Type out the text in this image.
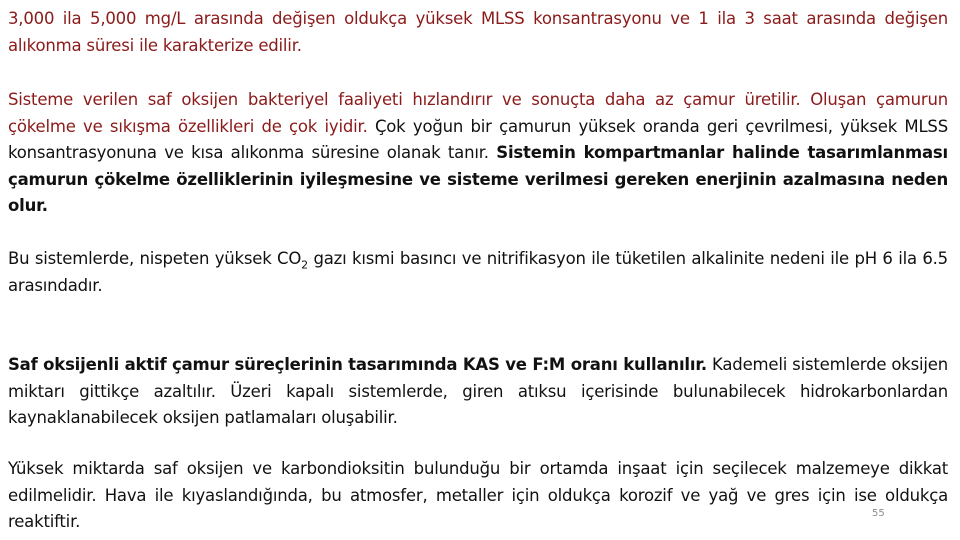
3,000 ila 5,000 mg/L arasında değişen oldukça yüksek MLSS konsantrasyonu ve 1 ila 3 saat arasında değişen alıkonma süresi ile karakterize edilir.

Sisteme verilen saf oksijen bakteriyel faaliyeti hızlandırır ve sonuçta daha az çamur üretilir. Oluşan çamurun çökelme ve sıkışma özellikleri de çok iyidir. Çok yoğun bir çamurun yüksek oranda geri çevrilmesi, yüksek MLSS konsantrasyonuna ve kısa alıkonma süresine olanak tanır. Sistemin kompartmanlar halinde tasarımlanması çamurun çökelme özelliklerinin iyileşmesine ve sisteme verilmesi gereken enerjinin azalmasına neden olur.

Bu sistemlerde, nispeten yüksek $CO_2$ gazı kısmi basıncı ve nitrifikasyon ile tüketilen alkalinite nedeni ile pH 6 ila 6.5 arasındadır.

Saf oksijenli aktif çamur süreçlerinin tasarımında KAS ve F:M oranı kullanılır. Kademeli sistemlerde oksijen miktarı gittikçe azaltılır. Üzeri kapalı sistemlerde, giren atıksu içerisinde bulunabilecek hidrokarbonlardan kaynaklanabilecek oksijen patlamaları oluşabilir.

Yüksek miktarda saf oksijen ve karbondioksitin bulunduğu bir ortamda inşaat için seçilecek malzemeye dikkat edilmelidir. Hava ile kıyaslandığında, bu atmosfer, metaller için oldukça korozif ve yağ ve gres için ise oldukça reaktiftir.	55
